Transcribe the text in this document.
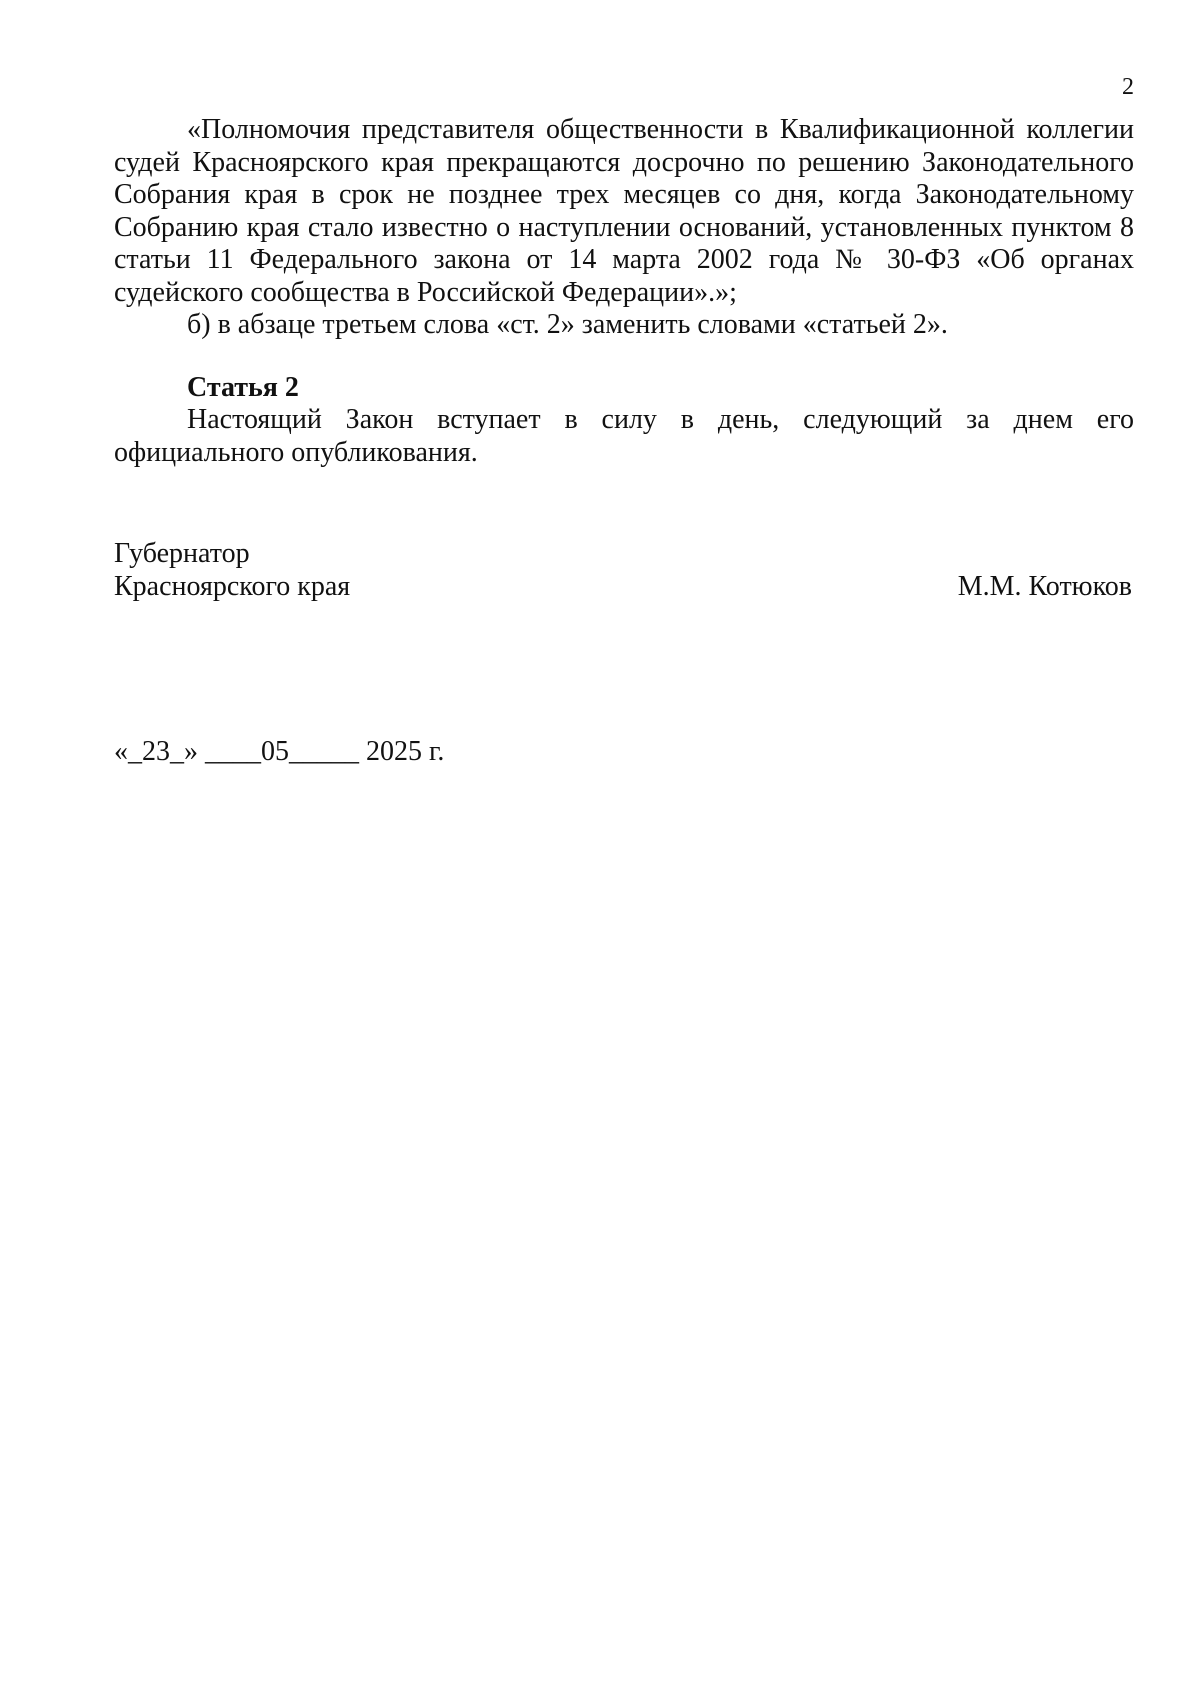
2

«Полномочия представителя общественности в Квалификационной коллегии судей Красноярского края прекращаются досрочно по решению Законодательного Собрания края в срок не позднее трех месяцев со дня, когда Законодательному Собранию края стало известно о наступлении оснований, установленных пунктом 8 статьи 11 Федерального закона от 14 марта 2002 года № 30-ФЗ «Об органах судейского сообщества в Российской Федерации».»;

б) в абзаце третьем слова «ст. 2» заменить словами «статьей 2».

Статья 2

Настоящий Закон вступает в силу в день, следующий за днем его официального опубликования.

Губернатор
Красноярского края	М.М. Котюков
«_23_» ____05_____ 2025 г.
